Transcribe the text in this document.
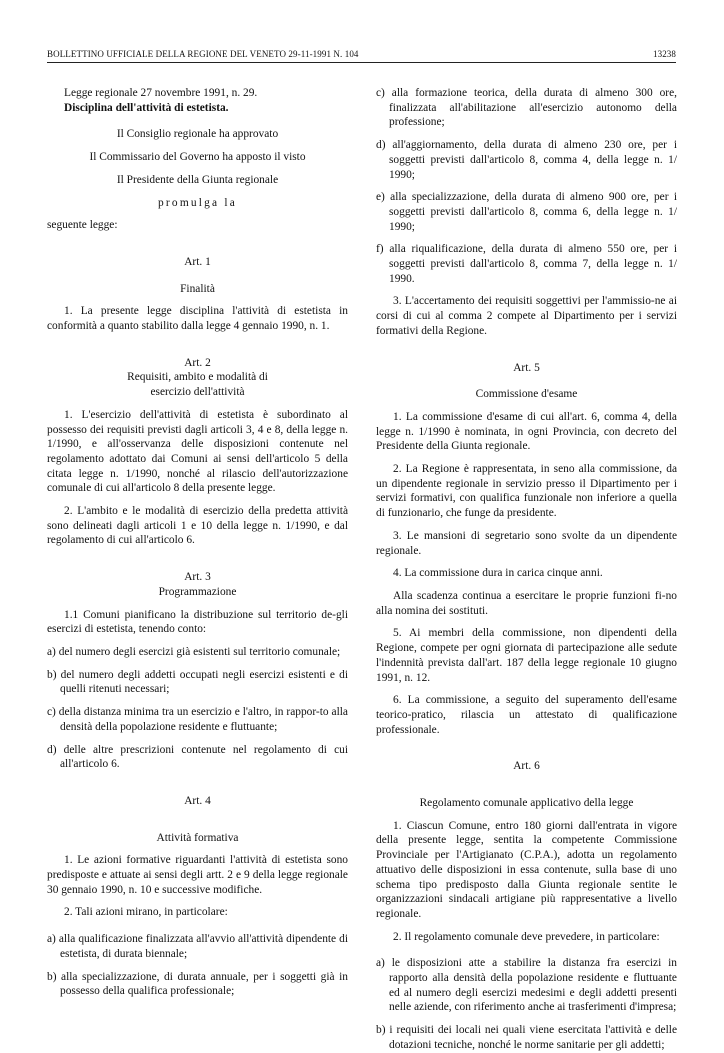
BOLLETTINO UFFICIALE DELLA REGIONE DEL VENETO 29-11-1991 N. 104	13238

Legge regionale 27 novembre 1991, n. 29.

Disciplina dell'attività di estetista.

Il Consiglio regionale ha approvato

Il Commissario del Governo ha apposto il visto

Il Presidente della Giunta regionale

promulga la

seguente legge:

Art. 1

Finalità

1. La presente legge disciplina l'attività di estetista in conformità a quanto stabilito dalla legge 4 gennaio 1990, n. 1.

Art. 2

Requisiti, ambito e modalità di esercizio dell'attività

1. L'esercizio dell'attività di estetista è subordinato al possesso dei requisiti previsti dagli articoli 3, 4 e 8, della legge n. 1/1990, e all'osservanza delle disposizioni contenute nel regolamento adottato dai Comuni ai sensi dell'articolo 5 della citata legge n. 1/1990, nonché al rilascio dell'autorizzazione comunale di cui all'articolo 8 della presente legge.

2. L'ambito e le modalità di esercizio della predetta attività sono delineati dagli articoli 1 e 10 della legge n. 1/1990, e dal regolamento di cui all'articolo 6.

Art. 3

Programmazione

1.1 Comuni pianificano la distribuzione sul territorio de-gli esercizi di estetista, tenendo conto:

a) del numero degli esercizi già esistenti sul territorio comunale;

b) del numero degli addetti occupati negli esercizi esistenti e di quelli ritenuti necessari;

c) della distanza minima tra un esercizio e l'altro, in rappor-to alla densità della popolazione residente e fluttuante;

d) delle altre prescrizioni contenute nel regolamento di cui all'articolo 6.

Art. 4

Attività formativa

1. Le azioni formative riguardanti l'attività di estetista sono predisposte e attuate ai sensi degli artt. 2 e 9 della legge regionale 30 gennaio 1990, n. 10 e successive modifiche.

2. Tali azioni mirano, in particolare:

a) alla qualificazione finalizzata all'avvio all'attività dipendente di estetista, di durata biennale;

b) alla specializzazione, di durata annuale, per i soggetti già in possesso della qualifica professionale;

c) alla formazione teorica, della durata di almeno 300 ore, finalizzata all'abilitazione all'esercizio autonomo della professione;

d) all'aggiornamento, della durata di almeno 230 ore, per i soggetti previsti dall'articolo 8, comma 4, della legge n. 1/ 1990;

e) alla specializzazione, della durata di almeno 900 ore, per i soggetti previsti dall'articolo 8, comma 6, della legge n. 1/ 1990;

f) alla riqualificazione, della durata di almeno 550 ore, per i soggetti previsti dall'articolo 8, comma 7, della legge n. 1/ 1990.

3. L'accertamento dei requisiti soggettivi per l'ammissio-ne ai corsi di cui al comma 2 compete al Dipartimento per i servizi formativi della Regione.

Art. 5

Commissione d'esame

1. La commissione d'esame di cui all'art. 6, comma 4, della legge n. 1/1990 è nominata, in ogni Provincia, con decreto del Presidente della Giunta regionale.

2. La Regione è rappresentata, in seno alla commissione, da un dipendente regionale in servizio presso il Dipartimento per i servizi formativi, con qualifica funzionale non inferiore a quella di funzionario, che funge da presidente.

3. Le mansioni di segretario sono svolte da un dipendente regionale.

4. La commissione dura in carica cinque anni.

Alla scadenza continua a esercitare le proprie funzioni fi-no alla nomina dei sostituti.

5. Ai membri della commissione, non dipendenti della Regione, compete per ogni giornata di partecipazione alle sedute l'indennità prevista dall'art. 187 della legge regionale 10 giugno 1991, n. 12.

6. La commissione, a seguito del superamento dell'esame teorico-pratico, rilascia un attestato di qualificazione professionale.

Art. 6

Regolamento comunale applicativo della legge

1. Ciascun Comune, entro 180 giorni dall'entrata in vigore della presente legge, sentita la competente Commissione Provinciale per l'Artigianato (C.P.A.), adotta un regolamento attuativo delle disposizioni in essa contenute, sulla base di uno schema tipo predisposto dalla Giunta regionale sentite le organizzazioni sindacali artigiane più rappresentative a livello regionale.

2. Il regolamento comunale deve prevedere, in particolare:

a) le disposizioni atte a stabilire la distanza fra esercizi in rapporto alla densità della popolazione residente e fluttuante ed al numero degli esercizi medesimi e degli addetti presenti nelle aziende, con riferimento anche ai trasferimenti d'impresa;

b) i requisiti dei locali nei quali viene esercitata l'attività e delle dotazioni tecniche, nonché le norme sanitarie per gli addetti;
